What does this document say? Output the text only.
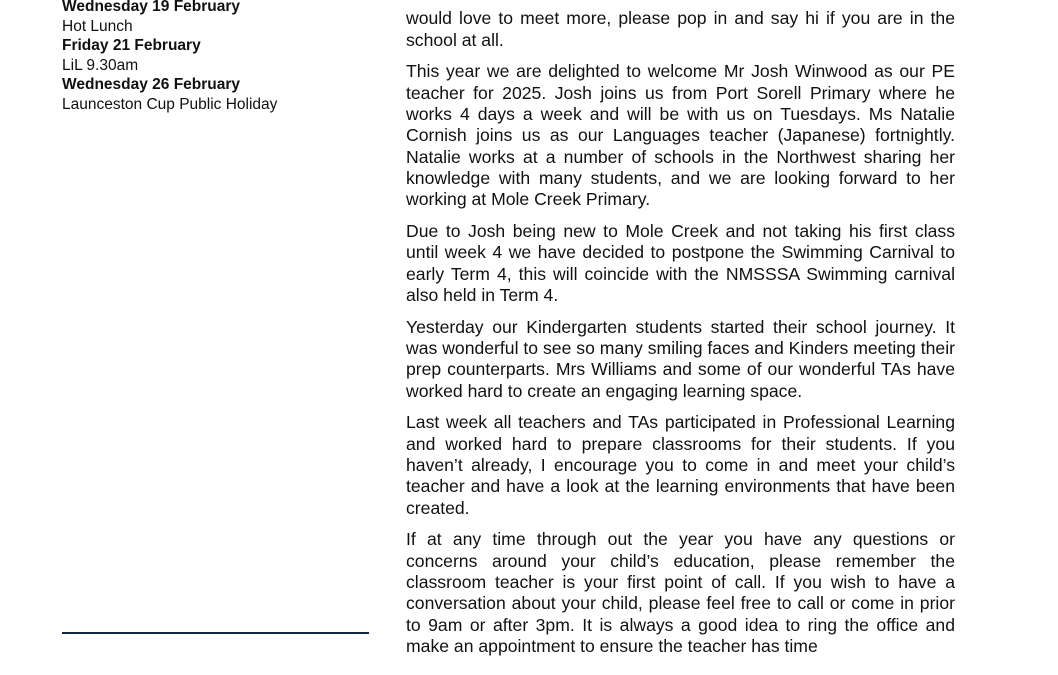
Wednesday 19 February
Hot Lunch
Friday 21 February
LiL 9.30am
Wednesday 26 February
Launceston Cup Public Holiday

would love to meet more, please pop in and say hi if you are in the school at all.

This year we are delighted to welcome Mr Josh Winwood as our PE teacher for 2025. Josh joins us from Port Sorell Primary where he works 4 days a week and will be with us on Tuesdays. Ms Natalie Cornish joins us as our Languages teacher (Japanese) fortnightly. Natalie works at a number of schools in the Northwest sharing her knowledge with many students, and we are looking forward to her working at Mole Creek Primary.

Due to Josh being new to Mole Creek and not taking his first class until week 4 we have decided to postpone the Swimming Carnival to early Term 4, this will coincide with the NMSSSA Swimming carnival also held in Term 4.

Yesterday our Kindergarten students started their school journey. It was wonderful to see so many smiling faces and Kinders meeting their prep counterparts. Mrs Williams and some of our wonderful TAs have worked hard to create an engaging learning space.

Last week all teachers and TAs participated in Professional Learning and worked hard to prepare classrooms for their students. If you haven’t already, I encourage you to come in and meet your child’s teacher and have a look at the learning environments that have been created.

If at any time through out the year you have any questions or concerns around your child’s education, please remember the classroom teacher is your first point of call. If you wish to have a conversation about your child, please feel free to call or come in prior to 9am or after 3pm. It is always a good idea to ring the office and make an appointment to ensure the teacher has time
